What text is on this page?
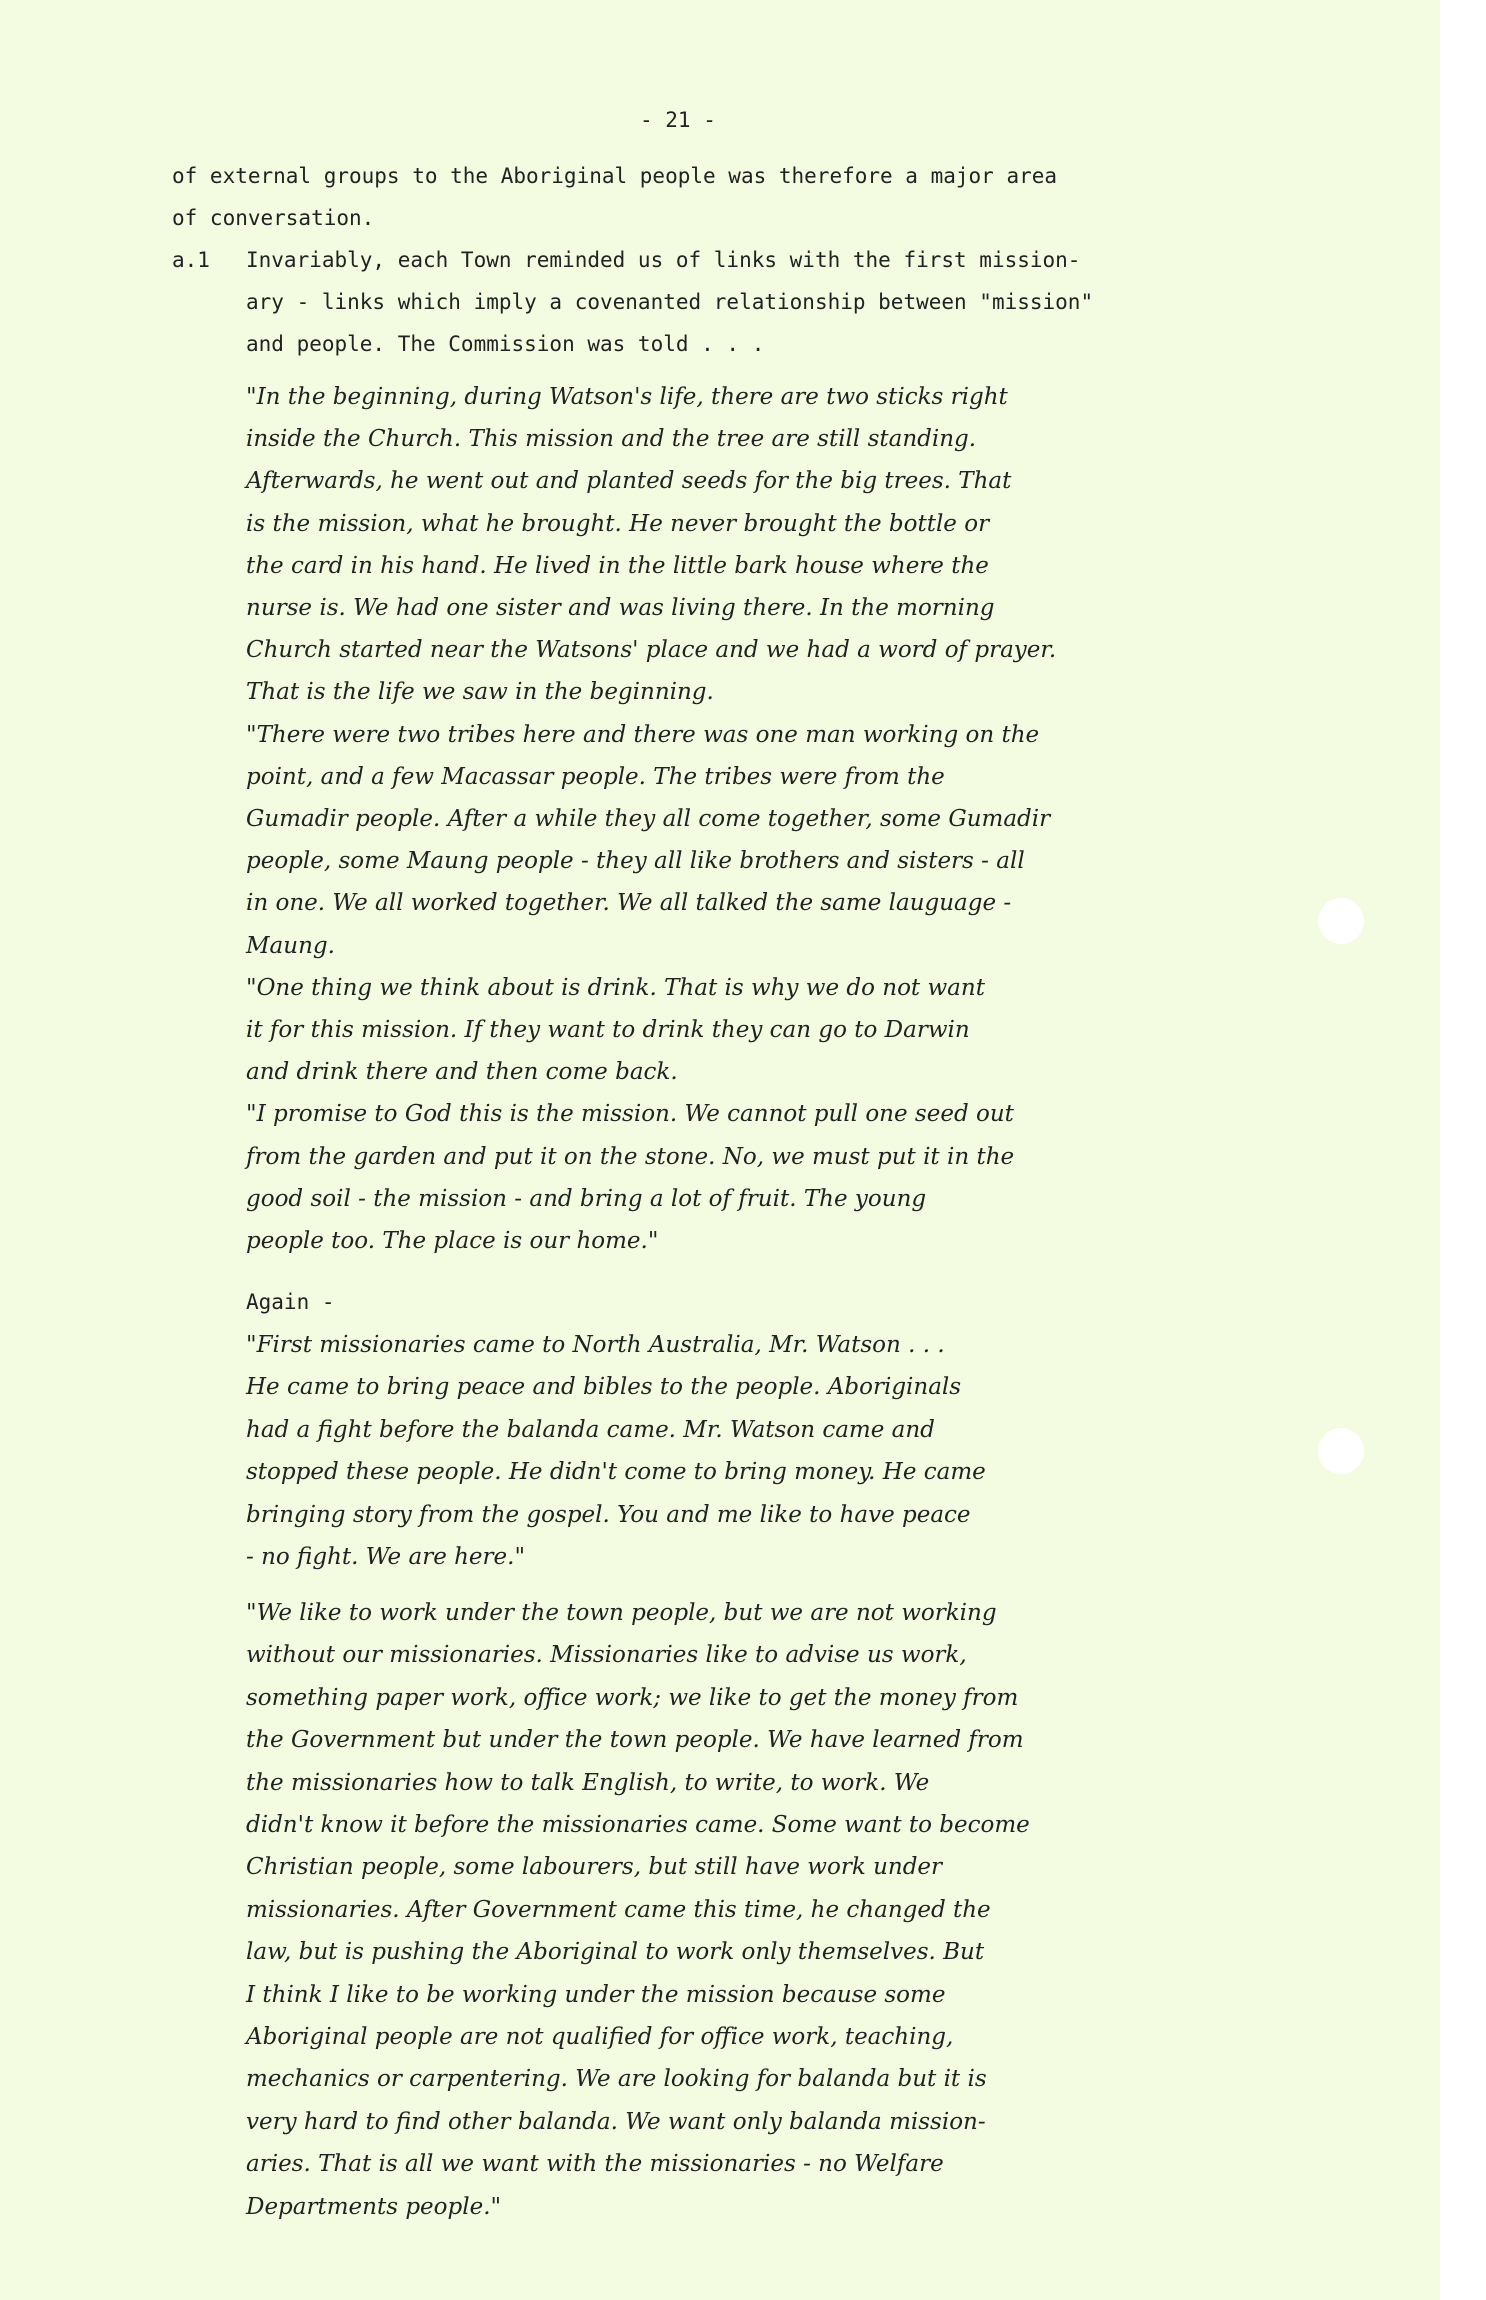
- 21 -
of external groups to the Aboriginal people was therefore a major area
of conversation.
a.1 Invariably, each Town reminded us of links with the first mission-
ary - links which imply a covenanted relationship between "mission"
and people. The Commission was told . . .
"In the beginning, during Watson's life, there are two sticks right
inside the Church. This mission and the tree are still standing.
Afterwards, he went out and planted seeds for the big trees. That
is the mission, what he brought. He never brought the bottle or
the card in his hand. He lived in the little bark house where the
nurse is. We had one sister and was living there. In the morning
Church started near the Watsons' place and we had a word of prayer.
That is the life we saw in the beginning.
"There were two tribes here and there was one man working on the
point, and a few Macassar people. The tribes were from the
Gumadir people. After a while they all come together, some Gumadir
people, some Maung people - they all like brothers and sisters - all
in one. We all worked together. We all talked the same lauguage -
Maung.
"One thing we think about is drink. That is why we do not want
it for this mission. If they want to drink they can go to Darwin
and drink there and then come back.
"I promise to God this is the mission. We cannot pull one seed out
from the garden and put it on the stone. No, we must put it in the
good soil - the mission - and bring a lot of fruit. The young
people too. The place is our home."
Again -
"First missionaries came to North Australia, Mr. Watson . . .
He came to bring peace and bibles to the people. Aboriginals
had a fight before the balanda came. Mr. Watson came and
stopped these people. He didn't come to bring money. He came
bringing story from the gospel. You and me like to have peace
- no fight. We are here."
"We like to work under the town people, but we are not working
without our missionaries. Missionaries like to advise us work,
something paper work, office work; we like to get the money from
the Government but under the town people. We have learned from
the missionaries how to talk English, to write, to work. We
didn't know it before the missionaries came. Some want to become
Christian people, some labourers, but still have work under
missionaries. After Government came this time, he changed the
law, but is pushing the Aboriginal to work only themselves. But
I think I like to be working under the mission because some
Aboriginal people are not qualified for office work, teaching,
mechanics or carpentering. We are looking for balanda but it is
very hard to find other balanda. We want only balanda mission-
aries. That is all we want with the missionaries - no Welfare
Departments people."
